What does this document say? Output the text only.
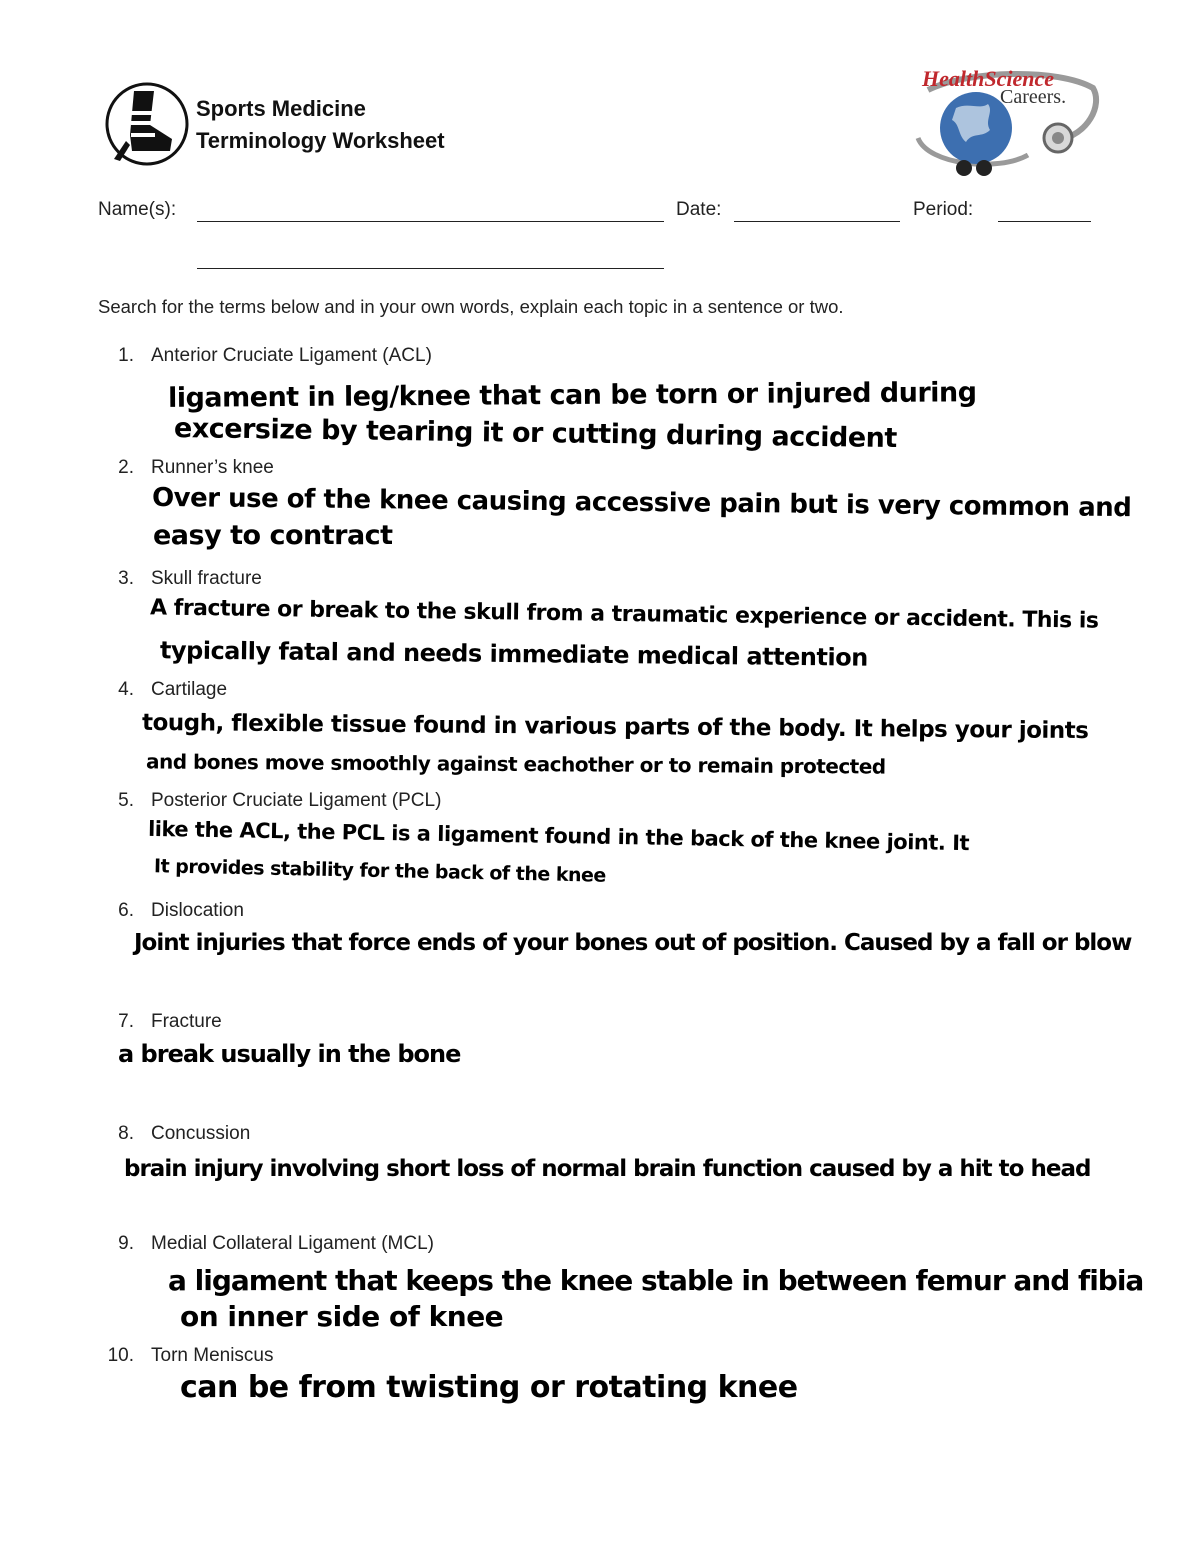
Sports Medicine
Terminology Worksheet
HealthScience
Careers.
Name(s):	Date:	Period:
Search for the terms below and in your own words, explain each topic in a sentence or two.
1. Anterior Cruciate Ligament (ACL)
ligament in leg/knee that can be torn or injured during
excersize by tearing it or cutting during accident
2. Runner’s knee
Over use of the knee causing accessive pain but is very common and
easy to contract
3. Skull fracture
A fracture or break to the skull from a traumatic experience or accident. This is
typically fatal and needs immediate medical attention
4. Cartilage
tough, flexible tissue found in various parts of the body. It helps your joints
and bones move smoothly against eachother or to remain protected
5. Posterior Cruciate Ligament (PCL)
like the ACL, the PCL is a ligament found in the back of the knee joint. It
It provides stability for the back of the knee
6. Dislocation
Joint injuries that force ends of your bones out of position. Caused by a fall or blow
7. Fracture
a break usually in the bone
8. Concussion
brain injury involving short loss of normal brain function caused by a hit to head
9. Medial Collateral Ligament (MCL)
a ligament that keeps the knee stable in between femur and fibia
on inner side of knee
10. Torn Meniscus
can be from twisting or rotating knee
